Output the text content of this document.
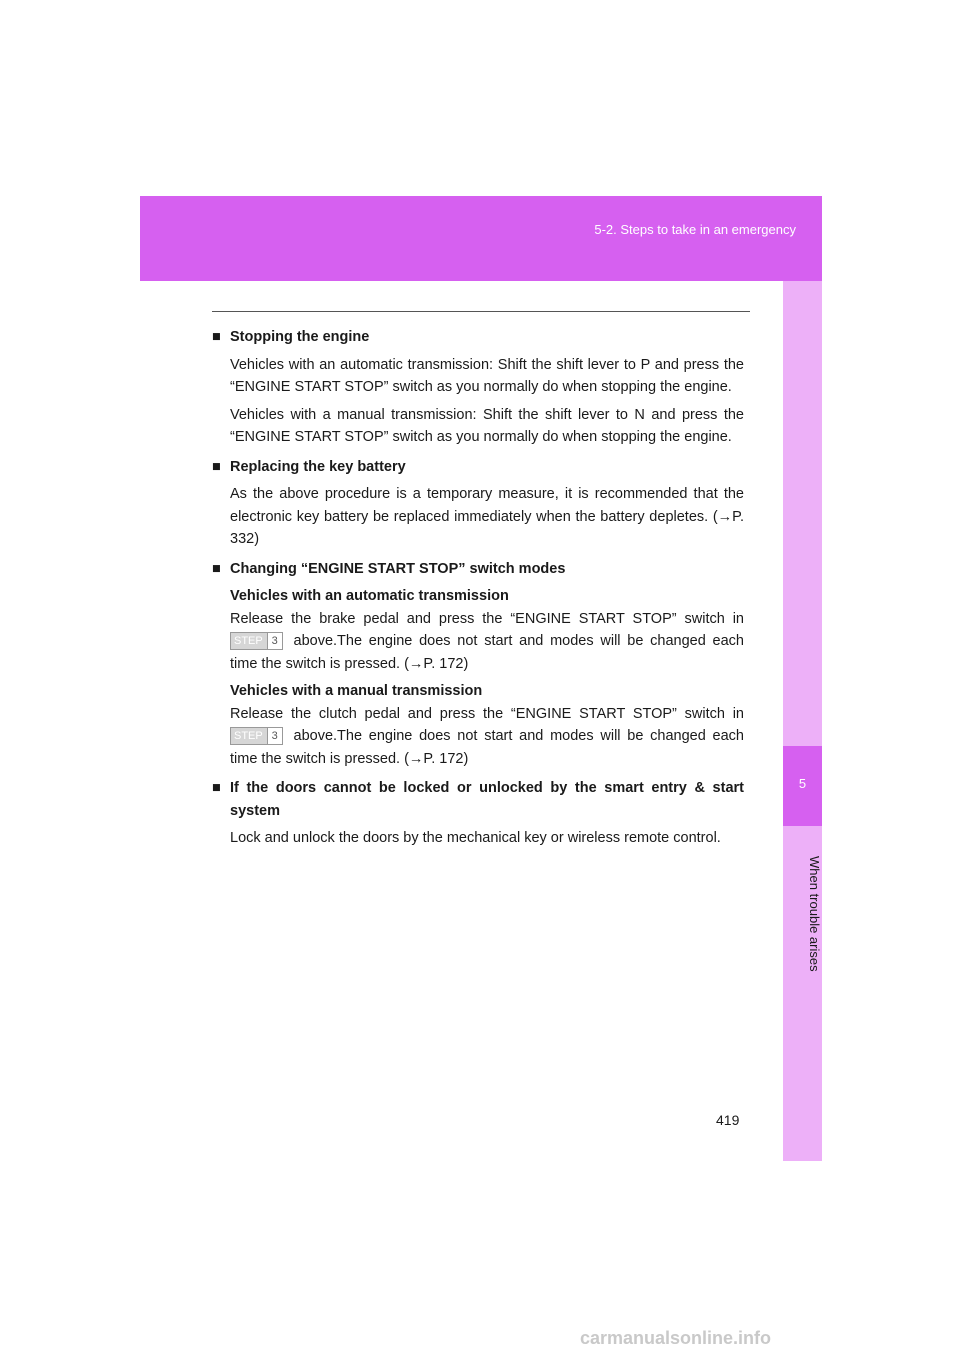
5-2. Steps to take in an emergency
5
When trouble arises
■ Stopping the engine
Vehicles with an automatic transmission: Shift the shift lever to P and press the “ENGINE START STOP” switch as you normally do when stopping the engine.
Vehicles with a manual transmission: Shift the shift lever to N and press the “ENGINE START STOP” switch as you normally do when stopping the engine.
■ Replacing the key battery
As the above procedure is a temporary measure, it is recommended that the electronic key battery be replaced immediately when the battery depletes. (→P. 332)
■ Changing “ENGINE START STOP” switch modes
Vehicles with an automatic transmission
Release the brake pedal and press the “ENGINE START STOP” switch in STEP 3 above.The engine does not start and modes will be changed each time the switch is pressed. (→P. 172)
Vehicles with a manual transmission
Release the clutch pedal and press the “ENGINE START STOP” switch in STEP 3 above.The engine does not start and modes will be changed each time the switch is pressed. (→P. 172)
■ If the doors cannot be locked or unlocked by the smart entry & start system
Lock and unlock the doors by the mechanical key or wireless remote control.
419
carmanualsonline.info
